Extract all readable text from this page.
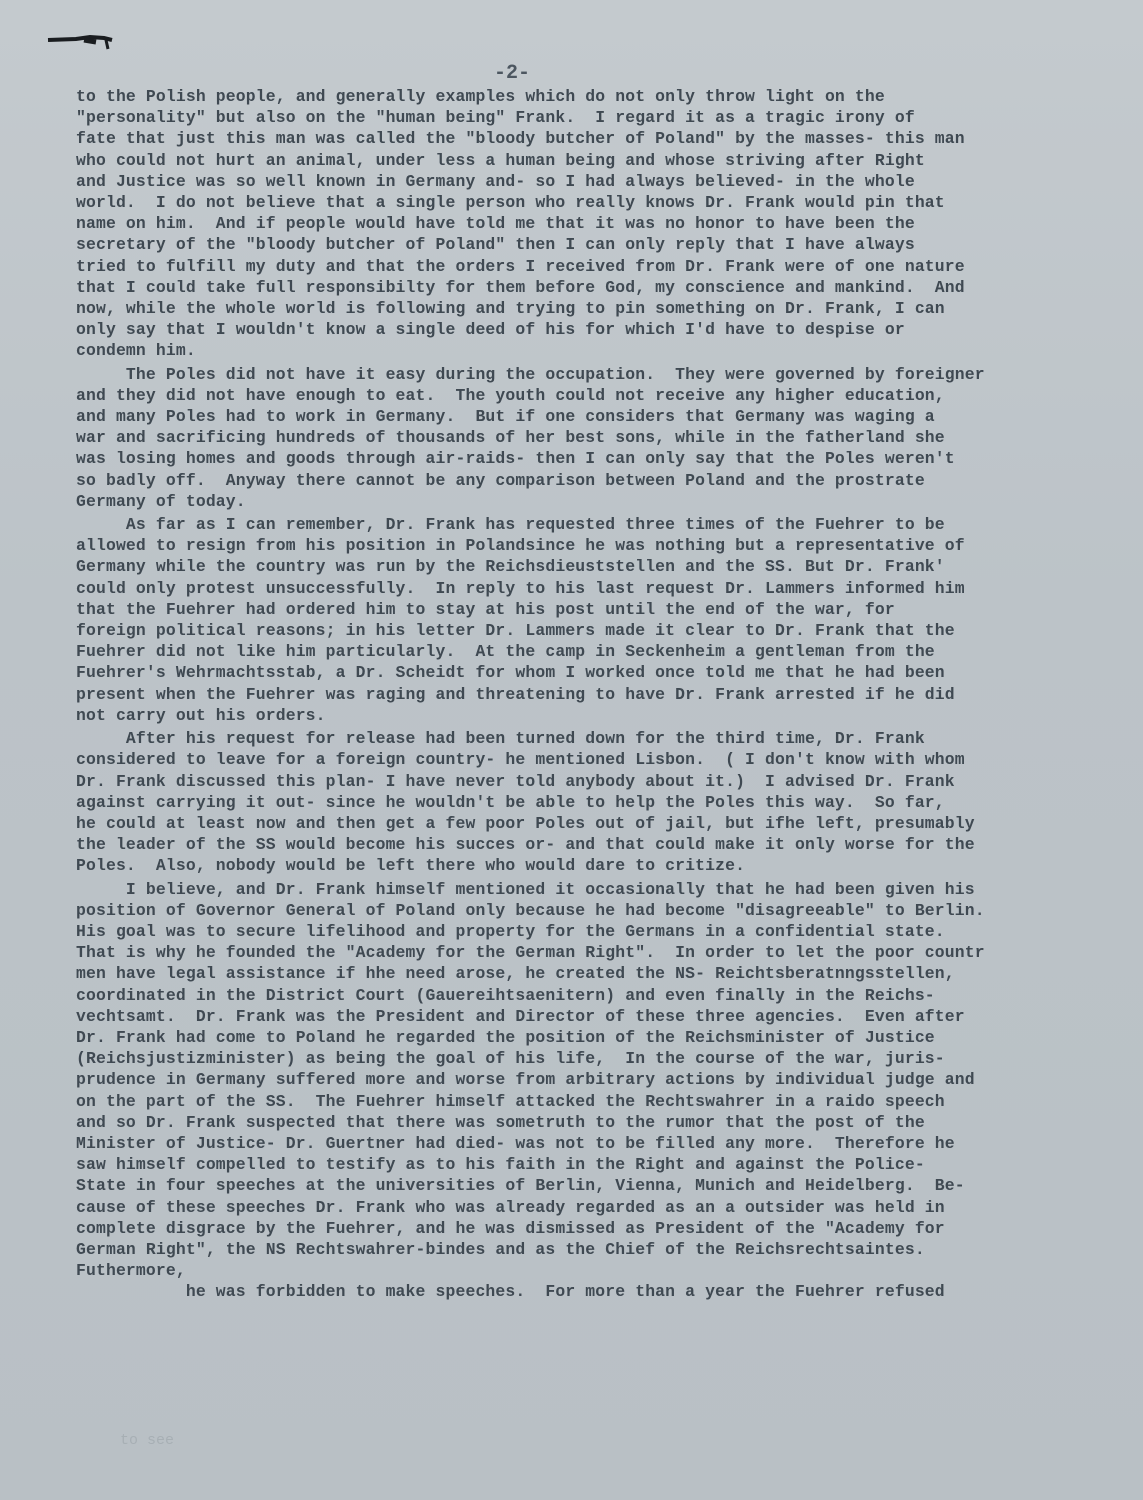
-2-
to the Polish people, and generally examples which do not only throw light on the
"personality" but also on the "human being" Frank.  I regard it as a tragic irony of
fate that just this man was called the "bloody butcher of Poland" by the masses- this man
who could not hurt an animal, under less a human being and whose striving after Right
and Justice was so well known in Germany and- so I had always believed- in the whole
world.  I do not believe that a single person who really knows Dr. Frank would pin that
name on him.  And if people would have told me that it was no honor to have been the
secretary of the "bloody butcher of Poland" then I can only reply that I have always
tried to fulfill my duty and that the orders I received from Dr. Frank were of one nature
that I could take full responsibilty for them before God, my conscience and mankind.  And
now, while the whole world is following and trying to pin something on Dr. Frank, I can
only say that I wouldn't know a single deed of his for which I'd have to despise or
condemn him.
The Poles did not have it easy during the occupation.  They were governed by foreigner
and they did not have enough to eat.  The youth could not receive any higher education,
and many Poles had to work in Germany.  But if one considers that Germany was waging a
war and sacrificing hundreds of thousands of her best sons, while in the fatherland she
was losing homes and goods through air-raids- then I can only say that the Poles weren't
so badly off.  Anyway there cannot be any comparison between Poland and the prostrate
Germany of today.
As far as I can remember, Dr. Frank has requested three times of the Fuehrer to be
allowed to resign from his position in Polandsince he was nothing but a representative of
Germany while the country was run by the Reichsdieuststellen and the SS. But Dr. Frank'
could only protest unsuccessfully.  In reply to his last request Dr. Lammers informed him
that the Fuehrer had ordered him to stay at his post until the end of the war, for
foreign political reasons; in his letter Dr. Lammers made it clear to Dr. Frank that the
Fuehrer did not like him particularly.  At the camp in Seckenheim a gentleman from the
Fuehrer's Wehrmachtsstab, a Dr. Scheidt for whom I worked once told me that he had been
present when the Fuehrer was raging and threatening to have Dr. Frank arrested if he did
not carry out his orders.
After his request for release had been turned down for the third time, Dr. Frank
considered to leave for a foreign country- he mentioned Lisbon.  ( I don't know with whom
Dr. Frank discussed this plan- I have never told anybody about it.)  I advised Dr. Frank
against carrying it out- since he wouldn't be able to help the Poles this way.  So far,
he could at least now and then get a few poor Poles out of jail, but ifhe left, presumably
the leader of the SS would become his succes or- and that could make it only worse for the
Poles.  Also, nobody would be left there who would dare to critize.
I believe, and Dr. Frank himself mentioned it occasionally that he had been given his
position of Governor General of Poland only because he had become "disagreeable" to Berlin.
His goal was to secure lifelihood and property for the Germans in a confidential state.
That is why he founded the "Academy for the German Right".  In order to let the poor countr
men have legal assistance if hhe need arose, he created the NS- Reichtsberatnngsstellen,
coordinated in the District Court (Gauereihtsaenitern) and even finally in the Reichs-
vechtsamt.  Dr. Frank was the President and Director of these three agencies.  Even after
Dr. Frank had come to Poland he regarded the position of the Reichsminister of Justice
(Reichsjustizminister) as being the goal of his life,  In the course of the war, juris-
prudence in Germany suffered more and worse from arbitrary actions by individual judge and
on the part of the SS.  The Fuehrer himself attacked the Rechtswahrer in a raido speech
and so Dr. Frank suspected that there was sometruth to the rumor that the post of the
Minister of Justice- Dr. Guertner had died- was not to be filled any more.  Therefore he
saw himself compelled to testify as to his faith in the Right and against the Police-
State in four speeches at the universities of Berlin, Vienna, Munich and Heidelberg.  Be-
cause of these speeches Dr. Frank who was already regarded as an a outsider was held in
complete disgrace by the Fuehrer, and he was dismissed as President of the "Academy for
German Right", the NS Rechtswahrer-bindes and as the Chief of the Reichsrechtsaintes.
Futhermore,
he was forbidden to make speeches.  For more than a year the Fuehrer refused
to see
